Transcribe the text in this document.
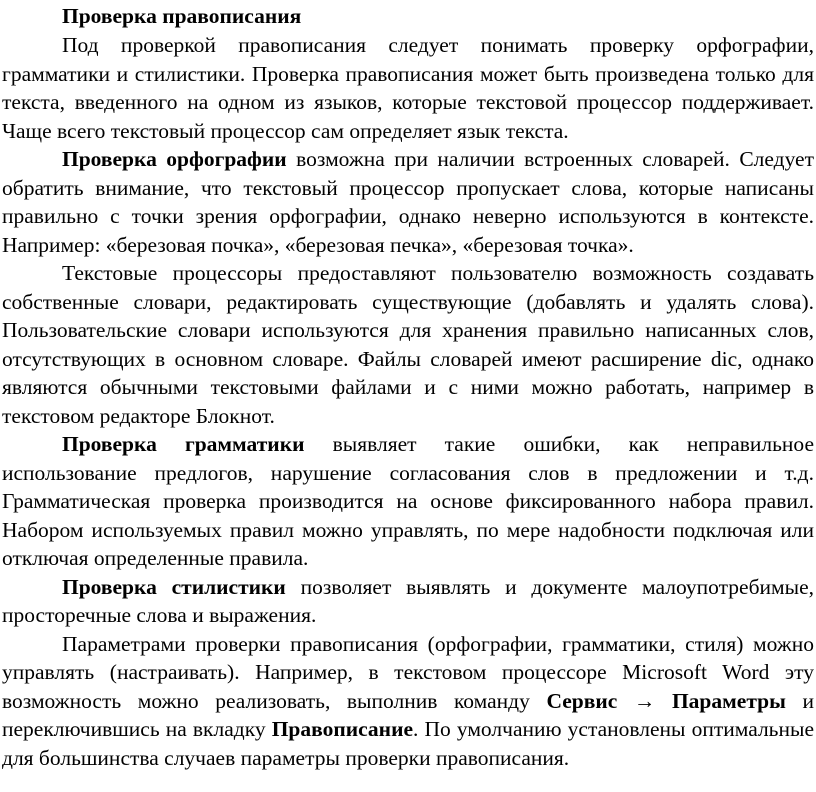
Проверка правописания

Под проверкой правописания следует понимать проверку орфографии, грамматики и стилистики. Проверка правописания может быть произведена только для текста, введенного на одном из языков, которые текстовой процессор поддерживает. Чаще всего текстовый процессор сам определяет язык текста.

Проверка орфографии возможна при наличии встроенных словарей. Следует обратить внимание, что текстовый процессор пропускает слова, которые написаны правильно с точки зрения орфографии, однако неверно используются в контексте. Например: «березовая почка», «березовая печка», «березовая точка».

Текстовые процессоры предоставляют пользователю возможность создавать собственные словари, редактировать существующие (добавлять и удалять слова). Пользовательские словари используются для хранения правильно написанных слов, отсутствующих в основном словаре. Файлы словарей имеют расширение dic, однако являются обычными текстовыми файлами и с ними можно работать, например в текстовом редакторе Блокнот.

Проверка грамматики выявляет такие ошибки, как неправильное использование предлогов, нарушение согласования слов в предложении и т.д. Грамматическая проверка производится на основе фиксированного набора правил. Набором используемых правил можно управлять, по мере надобности подключая или отключая определенные правила.

Проверка стилистики позволяет выявлять и документе малоупотребимые, просторечные слова и выражения.

Параметрами проверки правописания (орфографии, грамматики, стиля) можно управлять (настраивать). Например, в текстовом процессоре Microsoft Word эту возможность можно реализовать, выполнив команду Сервис → Параметры и переключившись на вкладку Правописание. По умолчанию установлены оптимальные для большинства случаев параметры проверки правописания.
